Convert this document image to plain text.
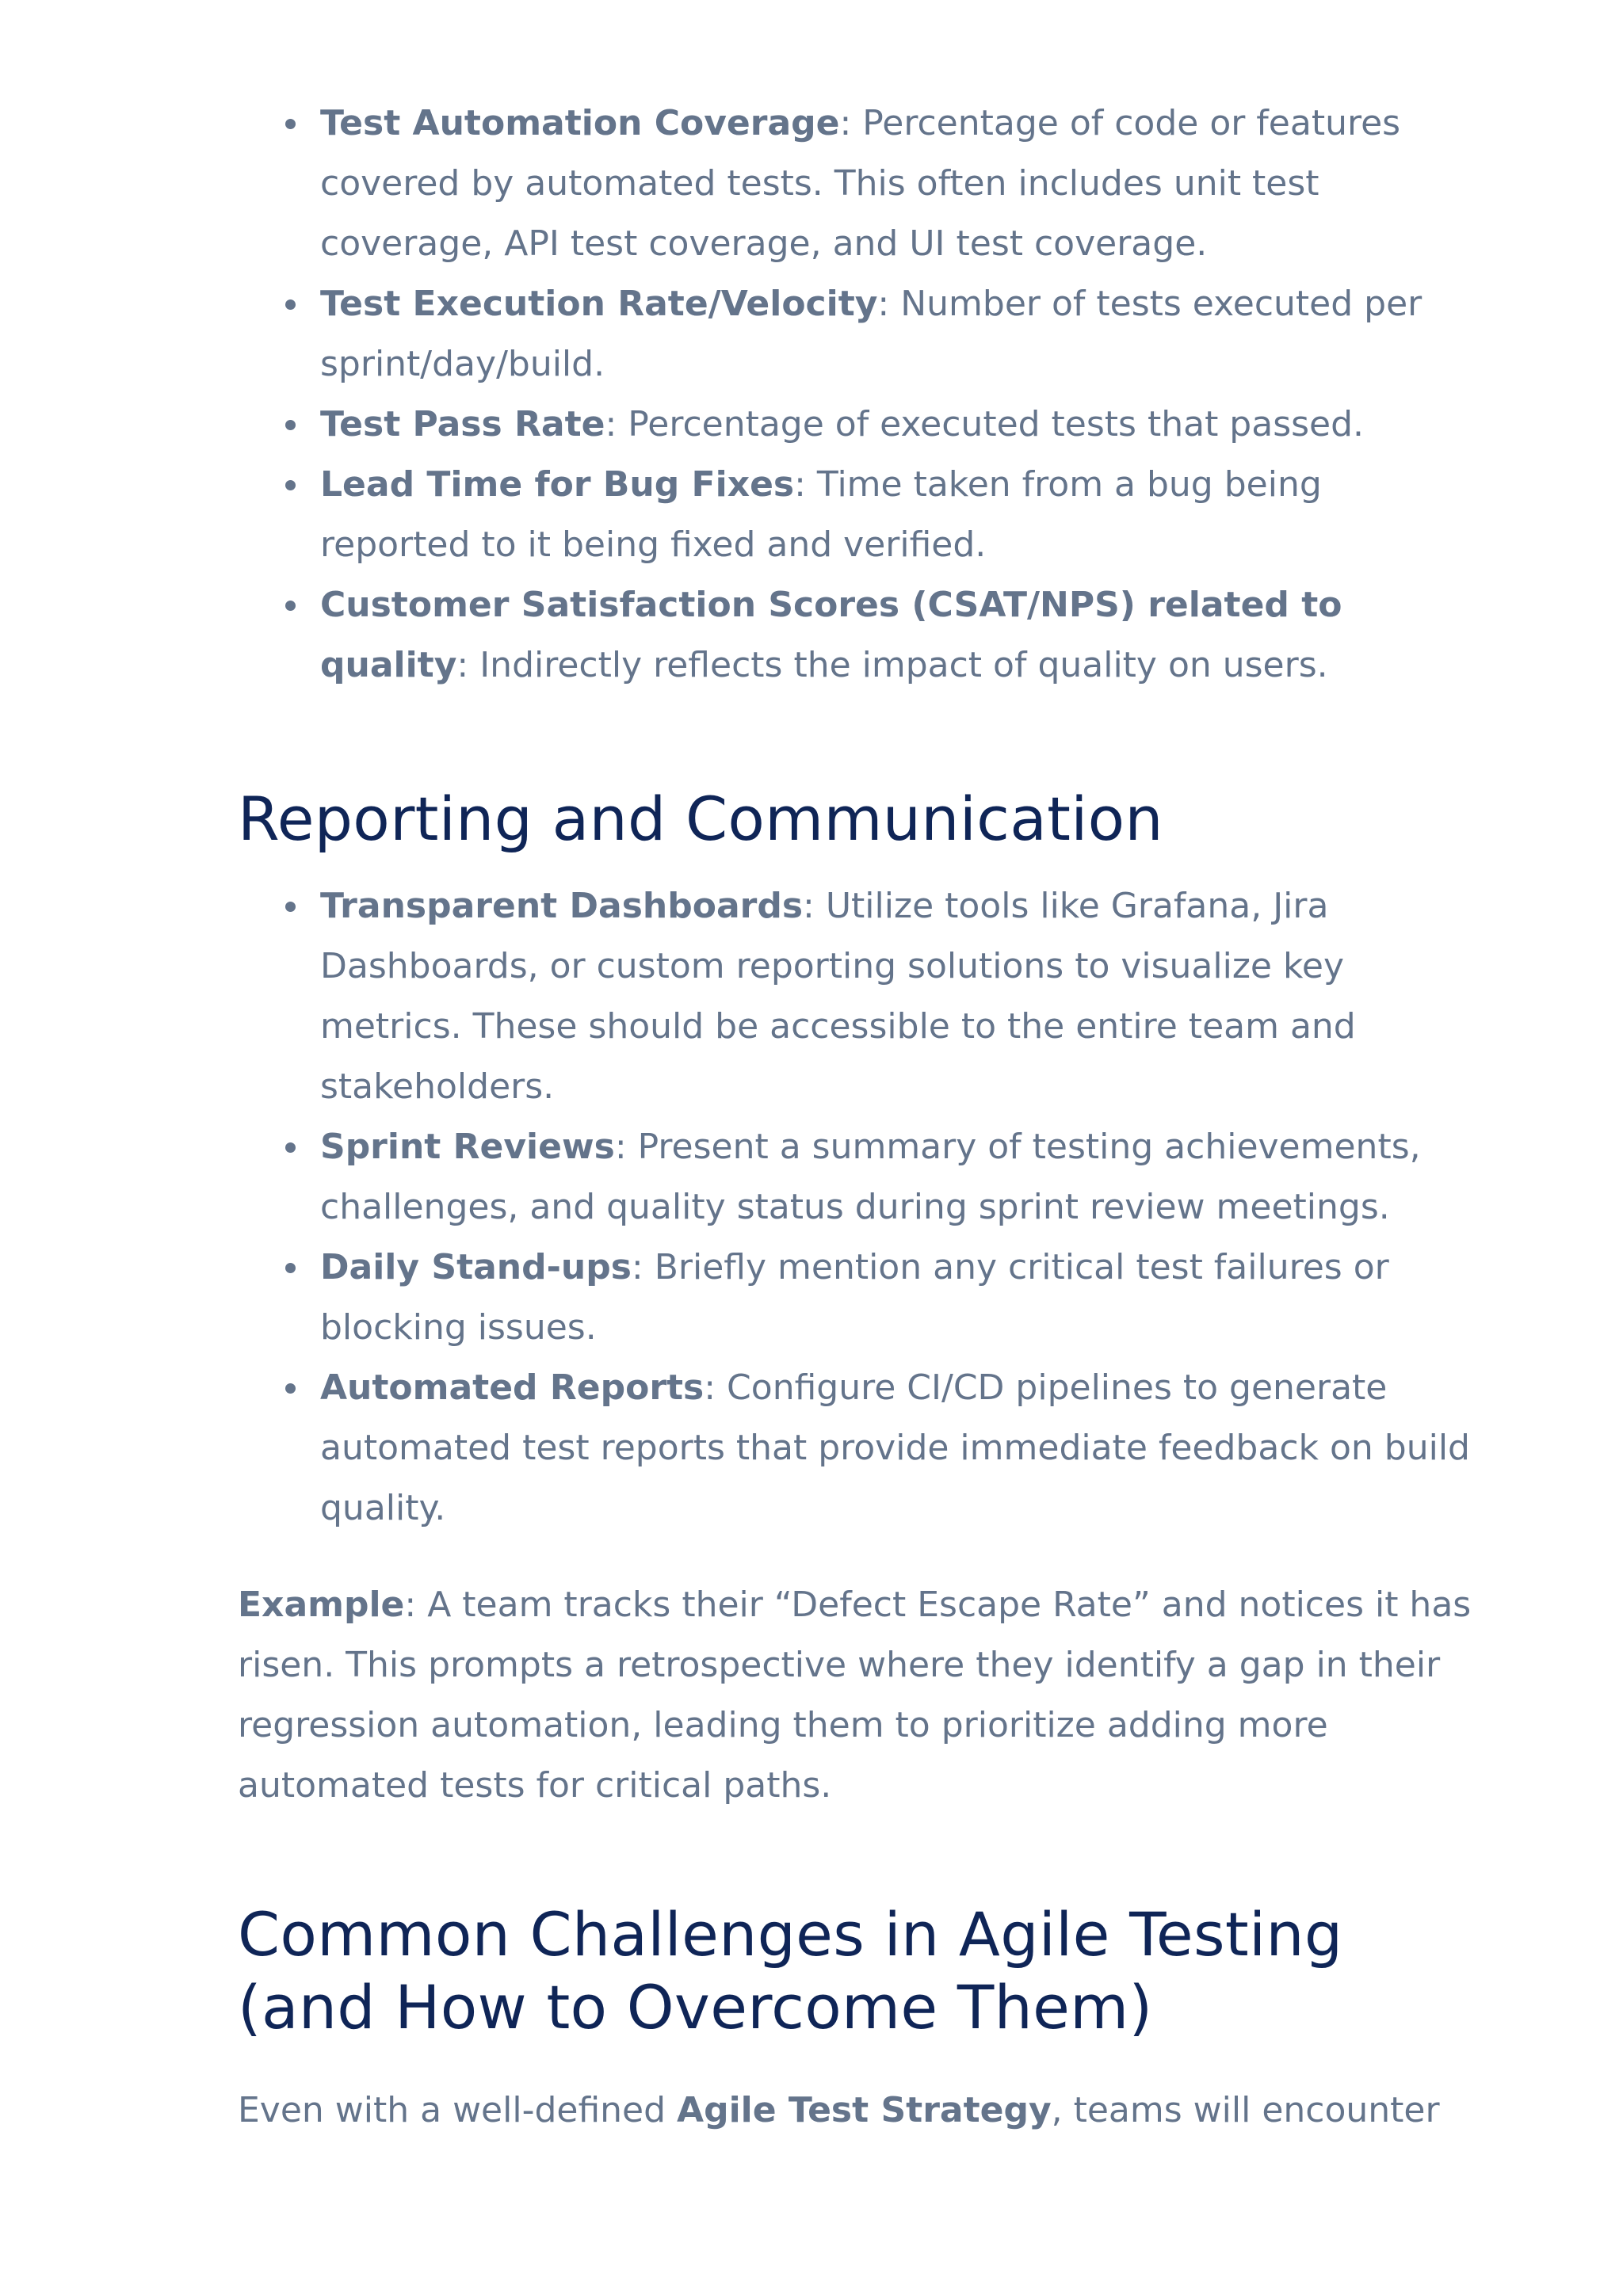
Test Automation Coverage: Percentage of code or features covered by automated tests. This often includes unit test coverage, API test coverage, and UI test coverage.
Test Execution Rate/Velocity: Number of tests executed per sprint/day/build.
Test Pass Rate: Percentage of executed tests that passed.
Lead Time for Bug Fixes: Time taken from a bug being reported to it being fixed and verified.
Customer Satisfaction Scores (CSAT/NPS) related to quality: Indirectly reflects the impact of quality on users.
Reporting and Communication
Transparent Dashboards: Utilize tools like Grafana, Jira Dashboards, or custom reporting solutions to visualize key metrics. These should be accessible to the entire team and stakeholders.
Sprint Reviews: Present a summary of testing achievements, challenges, and quality status during sprint review meetings.
Daily Stand-ups: Briefly mention any critical test failures or blocking issues.
Automated Reports: Configure CI/CD pipelines to generate automated test reports that provide immediate feedback on build quality.

Example: A team tracks their “Defect Escape Rate” and notices it has risen. This prompts a retrospective where they identify a gap in their regression automation, leading them to prioritize adding more automated tests for critical paths.

Common Challenges in Agile Testing (and How to Overcome Them)

Even with a well-defined Agile Test Strategy, teams will encounter
